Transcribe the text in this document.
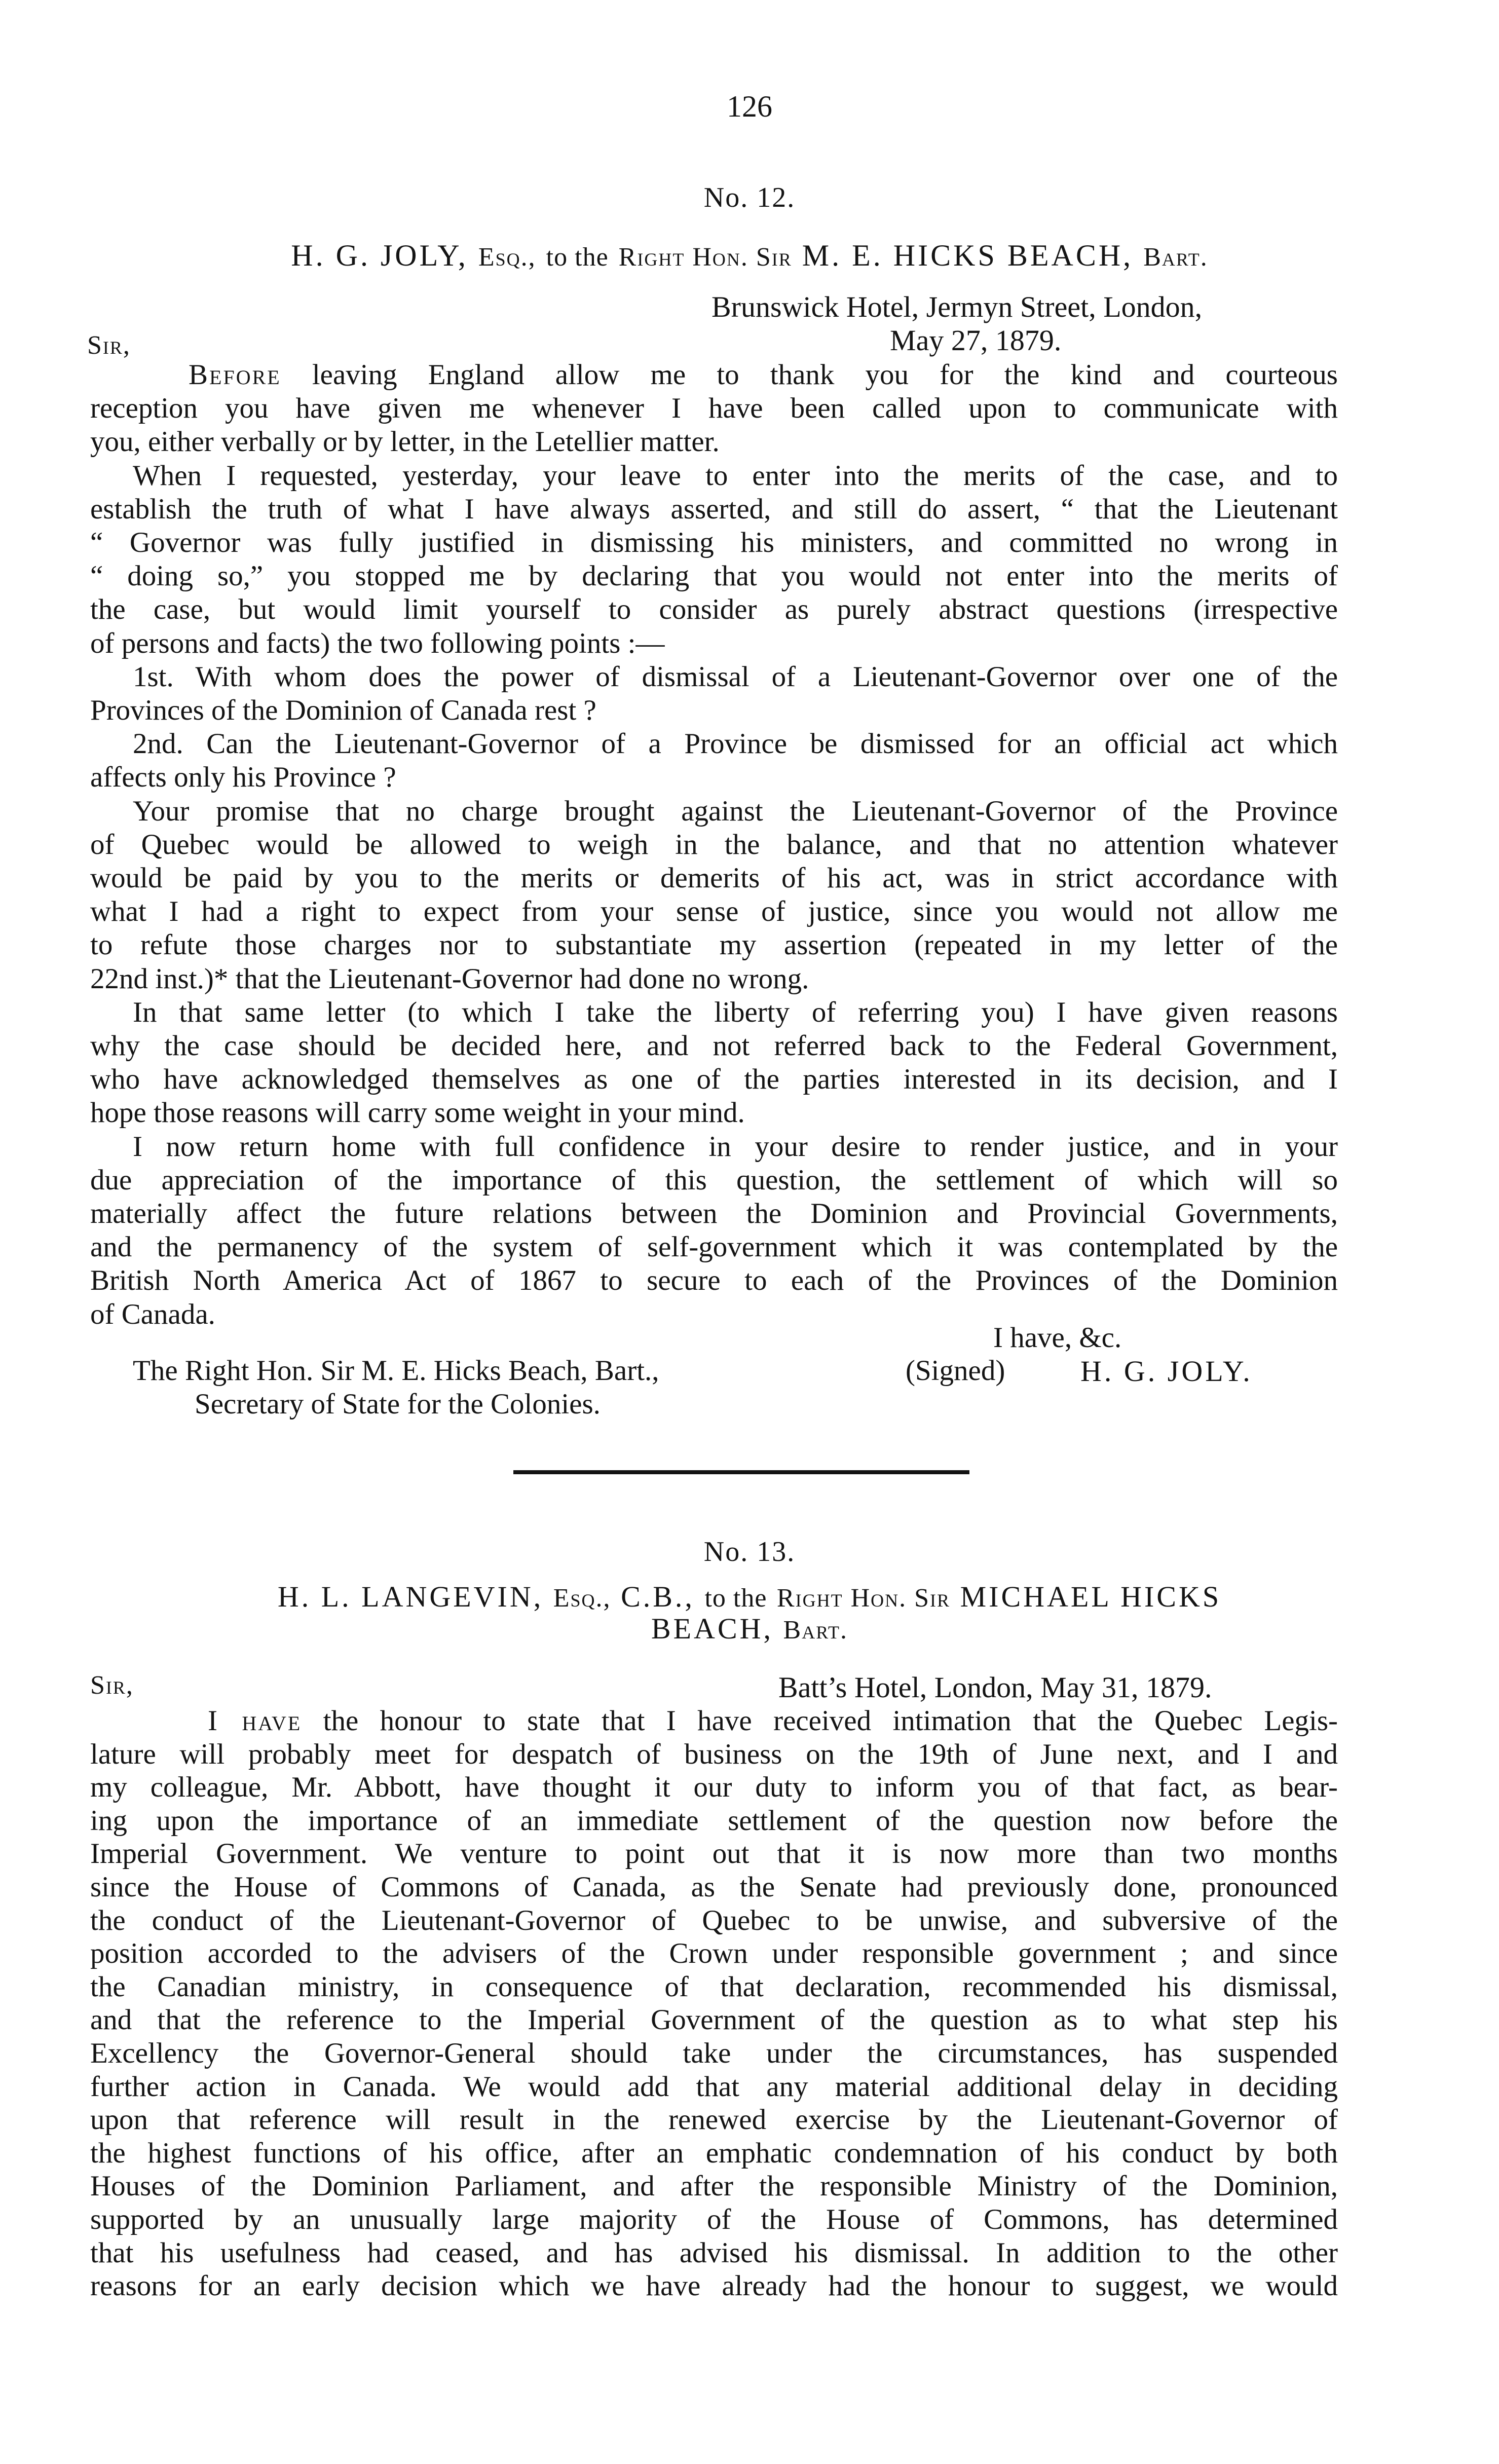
126
No. 12.
H. G. JOLY, Esq., to the Right Hon. Sir M. E. HICKS BEACH, Bart.
Brunswick Hotel, Jermyn Street, London,
Sir,	May 27, 1879.
Before leaving England allow me to thank you for the kind and courteous
reception you have given me whenever I have been called upon to communicate with
you, either verbally or by letter, in the Letellier matter.
When I requested, yesterday, your leave to enter into the merits of the case, and to
establish the truth of what I have always asserted, and still do assert, “ that the Lieutenant
“ Governor was fully justified in dismissing his ministers, and committed no wrong in
“ doing so,” you stopped me by declaring that you would not enter into the merits of
the case, but would limit yourself to consider as purely abstract questions (irrespective
of persons and facts) the two following points :—
1st. With whom does the power of dismissal of a Lieutenant-Governor over one of the
Provinces of the Dominion of Canada rest ?
2nd. Can the Lieutenant-Governor of a Province be dismissed for an official act which
affects only his Province ?
Your promise that no charge brought against the Lieutenant-Governor of the Province
of Quebec would be allowed to weigh in the balance, and that no attention whatever
would be paid by you to the merits or demerits of his act, was in strict accordance with
what I had a right to expect from your sense of justice, since you would not allow me
to refute those charges nor to substantiate my assertion (repeated in my letter of the
22nd inst.)* that the Lieutenant-Governor had done no wrong.
In that same letter (to which I take the liberty of referring you) I have given reasons
why the case should be decided here, and not referred back to the Federal Government,
who have acknowledged themselves as one of the parties interested in its decision, and I
hope those reasons will carry some weight in your mind.
I now return home with full confidence in your desire to render justice, and in your
due appreciation of the importance of this question, the settlement of which will so
materially affect the future relations between the Dominion and Provincial Governments,
and the permanency of the system of self-government which it was contemplated by the
British North America Act of 1867 to secure to each of the Provinces of the Dominion
of Canada.
I have, &c.
(Signed)	H. G. JOLY.
The Right Hon. Sir M. E. Hicks Beach, Bart.,
Secretary of State for the Colonies.
No. 13.
H. L. LANGEVIN, Esq., C.B., to the Right Hon. Sir MICHAEL HICKS
BEACH, Bart.
Sir,	Batt’s Hotel, London, May 31, 1879.
I have the honour to state that I have received intimation that the Quebec Legis-
lature will probably meet for despatch of business on the 19th of June next, and I and
my colleague, Mr. Abbott, have thought it our duty to inform you of that fact, as bear-
ing upon the importance of an immediate settlement of the question now before the
Imperial Government. We venture to point out that it is now more than two months
since the House of Commons of Canada, as the Senate had previously done, pronounced
the conduct of the Lieutenant-Governor of Quebec to be unwise, and subversive of the
position accorded to the advisers of the Crown under responsible government ; and since
the Canadian ministry, in consequence of that declaration, recommended his dismissal,
and that the reference to the Imperial Government of the question as to what step his
Excellency the Governor-General should take under the circumstances, has suspended
further action in Canada. We would add that any material additional delay in deciding
upon that reference will result in the renewed exercise by the Lieutenant-Governor of
the highest functions of his office, after an emphatic condemnation of his conduct by both
Houses of the Dominion Parliament, and after the responsible Ministry of the Dominion,
supported by an unusually large majority of the House of Commons, has determined
that his usefulness had ceased, and has advised his dismissal. In addition to the other
reasons for an early decision which we have already had the honour to suggest, we would
